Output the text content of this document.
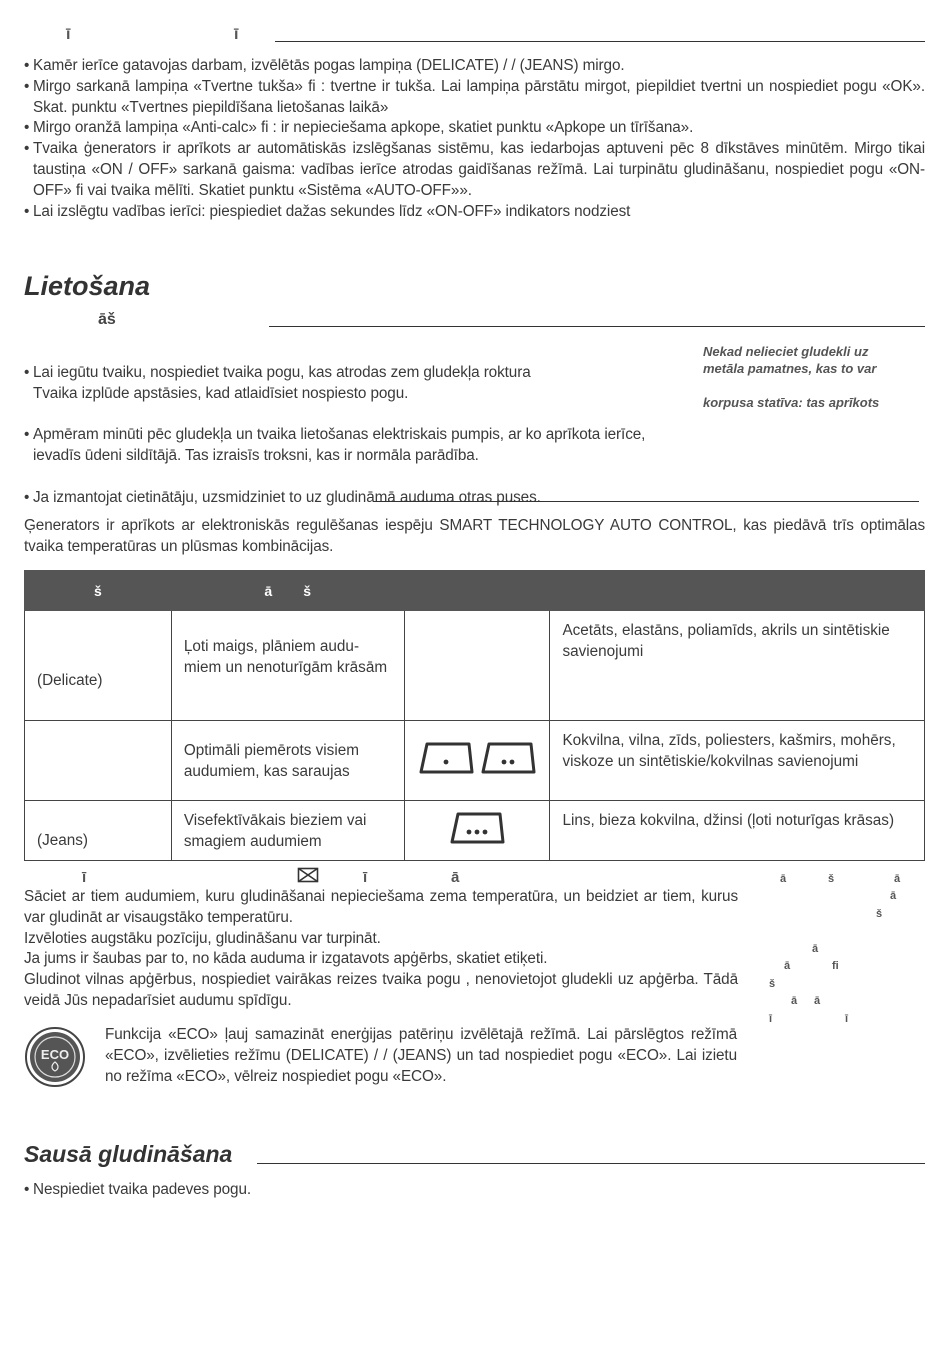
ī	ī
• Kamēr ierīce gatavojas darbam, izvēlētās pogas lampiņa (DELICATE) / / (JEANS) mirgo.
• Mirgo sarkanā lampiņa «Tvertne tukša» fi : tvertne ir tukša. Lai lampiņa pārstātu mirgot, piepildiet tvertni un nospiediet pogu «OK». Skat. punktu «Tvertnes piepildīšana lietošanas laikā»
• Mirgo oranžā lampiņa «Anti-calc» fi : ir nepieciešama apkope, skatiet punktu «Apkope un tīrīšana».
• Tvaika ģenerators ir aprīkots ar automātiskās izslēgšanas sistēmu, kas iedarbojas aptuveni pēc 8 dīkstāves minūtēm. Mirgo tikai taustiņa «ON / OFF» sarkanā gaisma: vadības ierīce atrodas gaidīšanas režīmā. Lai turpinātu gludināšanu, nospiediet pogu «ON-OFF» fi vai tvaika mēlīti. Skatiet punktu «Sistēma «AUTO-OFF»».
• Lai izslēgtu vadības ierīci: piespiediet dažas sekundes līdz «ON-OFF» indikators nodziest
Lietošana
āš

• Lai iegūtu tvaiku, nospiediet tvaika pogu, kas atrodas zem gludekļa roktura
Tvaika izplūde apstāsies, kad atlaidīsiet nospiesto pogu.

• Apmēram minūti pēc gludekļa un tvaika lietošanas elektriskais pumpis, ar ko aprīkota ierīce, ievadīs ūdeni sildītājā. Tas izraisīs troksni, kas ir normāla parādība.

• Ja izmantojat cietinātāju, uzsmidziniet to uz gludināmā auduma otras puses.

Nekad nelieciet gludekli uz
metāla pamatnes, kas to var
korpusa statīva: tas aprīkots
Ģenerators ir aprīkots ar elektroniskās regulēšanas iespēju SMART TECHNOLOGY AUTO CONTROL, kas piedāvā trīs optimālas tvaika temperatūras un plūsmas kombinācijas.
š	ā        š		
(Delicate)	Ļoti maigs, plāniem audu-miem un nenoturīgām krāsām		Acetāts, elastāns, poliamīds, akrils un sintētiskie savienojumi
	Optimāli piemērots visiem audumiem, kas saraujas		Kokvilna, vilna, zīds, poliesters, kašmirs, mohērs, viskoze un sintētiskie/kokvilnas savienojumi
(Jeans)	Visefektīvākais bieziem vai smagiem audumiem		Lins, bieza kokvilna, džinsi (ļoti noturīgas krāsas)
ī	ī	ā
Sāciet ar tiem audumiem, kuru gludināšanai nepieciešama zema temperatūra, un beidziet ar tiem, kurus var gludināt ar visaugstāko temperatūru.
Izvēloties augstāku pozīciju, gludināšanu var turpināt.
Ja jums ir šaubas par to, no kāda auduma ir izgatavots apģērbs, skatiet etiķeti.
Gludinot vilnas apģērbus, nospiediet vairākas reizes tvaika pogu , nenovietojot gludekli uz apģērba. Tādā veidā Jūs nepadarīsiet audumu spīdīgu.
ECO
Funkcija «ECO» ļauj samazināt enerģijas patēriņu izvēlētajā režīmā. Lai pārslēgtos režīmā «ECO», izvēlieties režīmu (DELICATE) / / (JEANS) un tad nospiediet pogu «ECO». Lai izietu no režīma «ECO», vēlreiz nospiediet pogu «ECO».
ā	š	ā
ā
š
ā
ā	fi
š
ā ā
ī	ī
Sausā gludināšana
• Nespiediet tvaika padeves pogu.
